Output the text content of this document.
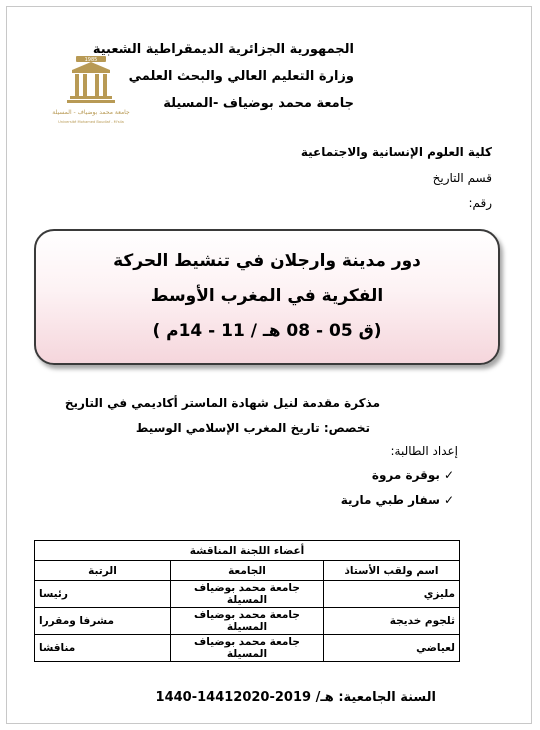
1985
جامعة محمد بوضياف - المسيلة
Université Mohamed Boudiaf - M'sila
الجمهورية الجزائرية الديمقراطية الشعبية
وزارة التعليم العالي والبحث العلمي
جامعة محمد بوضياف -المسيلة
كلية العلوم الإنسانية والاجتماعية
قسم التاريخ
رقم:
دور مدينة وارجلان في تنشيط الحركة
الفكرية في المغرب الأوسط
(ق 05 - 08 هـ / 11 - 14م )
مذكرة مقدمة لنيل شهادة الماستر أكاديمي في التاريخ
تخصص: تاريخ المغرب الإسلامي الوسيط
إعداد الطالبة:
✓بوقرة مروة
✓سفار طبي مارية
أعضاء اللجنة المناقشة		
اسم ولقب الأستاذ	الجامعة	الرتبة
مليزي	جامعة محمد بوضياف المسيلة	رئيسا
ثلجوم خديجة	جامعة محمد بوضياف المسيلة	مشرفا ومقررا
لعياضي	جامعة محمد بوضياف المسيلة	مناقشا
السنة الجامعية: 1440-1441هـ/ 2019-2020
